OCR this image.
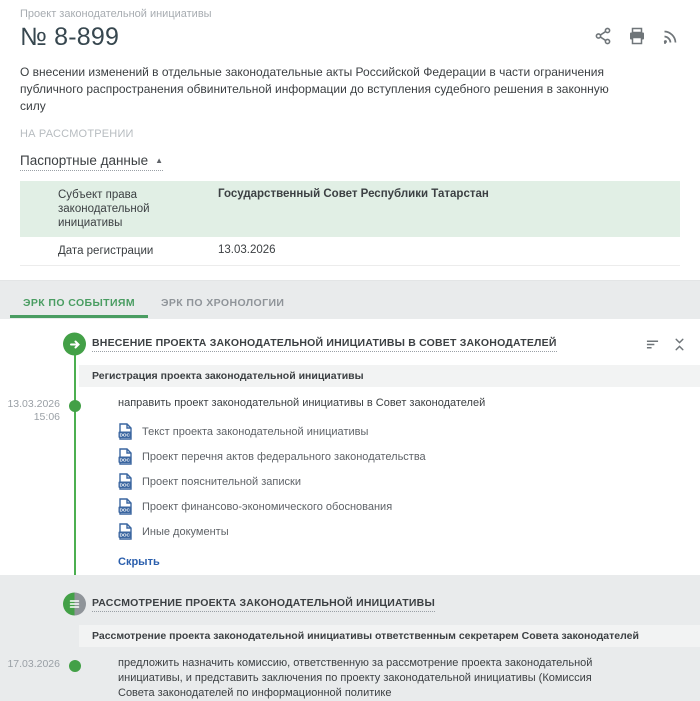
Проект законодательной инициативы
№ 8-899
О внесении изменений в отдельные законодательные акты Российской Федерации в части ограничения публичного распространения обвинительной информации до вступления судебного решения в законную силу
НА РАССМОТРЕНИИ
Паспортные данные ▲
Субъект права законодательной инициативы	Государственный Совет Республики Татарстан
Дата регистрации	13.03.2026
ЭРК ПО СОБЫТИЯМ	ЭРК ПО ХРОНОЛОГИИ
ВНЕСЕНИЕ ПРОЕКТА ЗАКОНОДАТЕЛЬНОЙ ИНИЦИАТИВЫ В СОВЕТ ЗАКОНОДАТЕЛЕЙ
Регистрация проекта законодательной инициативы
13.03.2026
15:06
направить проект законодательной инициативы в Совет законодателей
DOC Текст проекта законодательной инициативы
DOC Проект перечня актов федерального законодательства
DOC Проект пояснительной записки
DOC Проект финансово-экономического обоснования
DOC Иные документы
Скрыть
РАССМОТРЕНИЕ ПРОЕКТА ЗАКОНОДАТЕЛЬНОЙ ИНИЦИАТИВЫ
Рассмотрение проекта законодательной инициативы ответственным секретарем Совета законодателей
17.03.2026	предложить назначить комиссию, ответственную за рассмотрение проекта законодательной инициативы, и представить заключения по проекту законодательной инициативы (Комиссия Совета законодателей по информационной политике
